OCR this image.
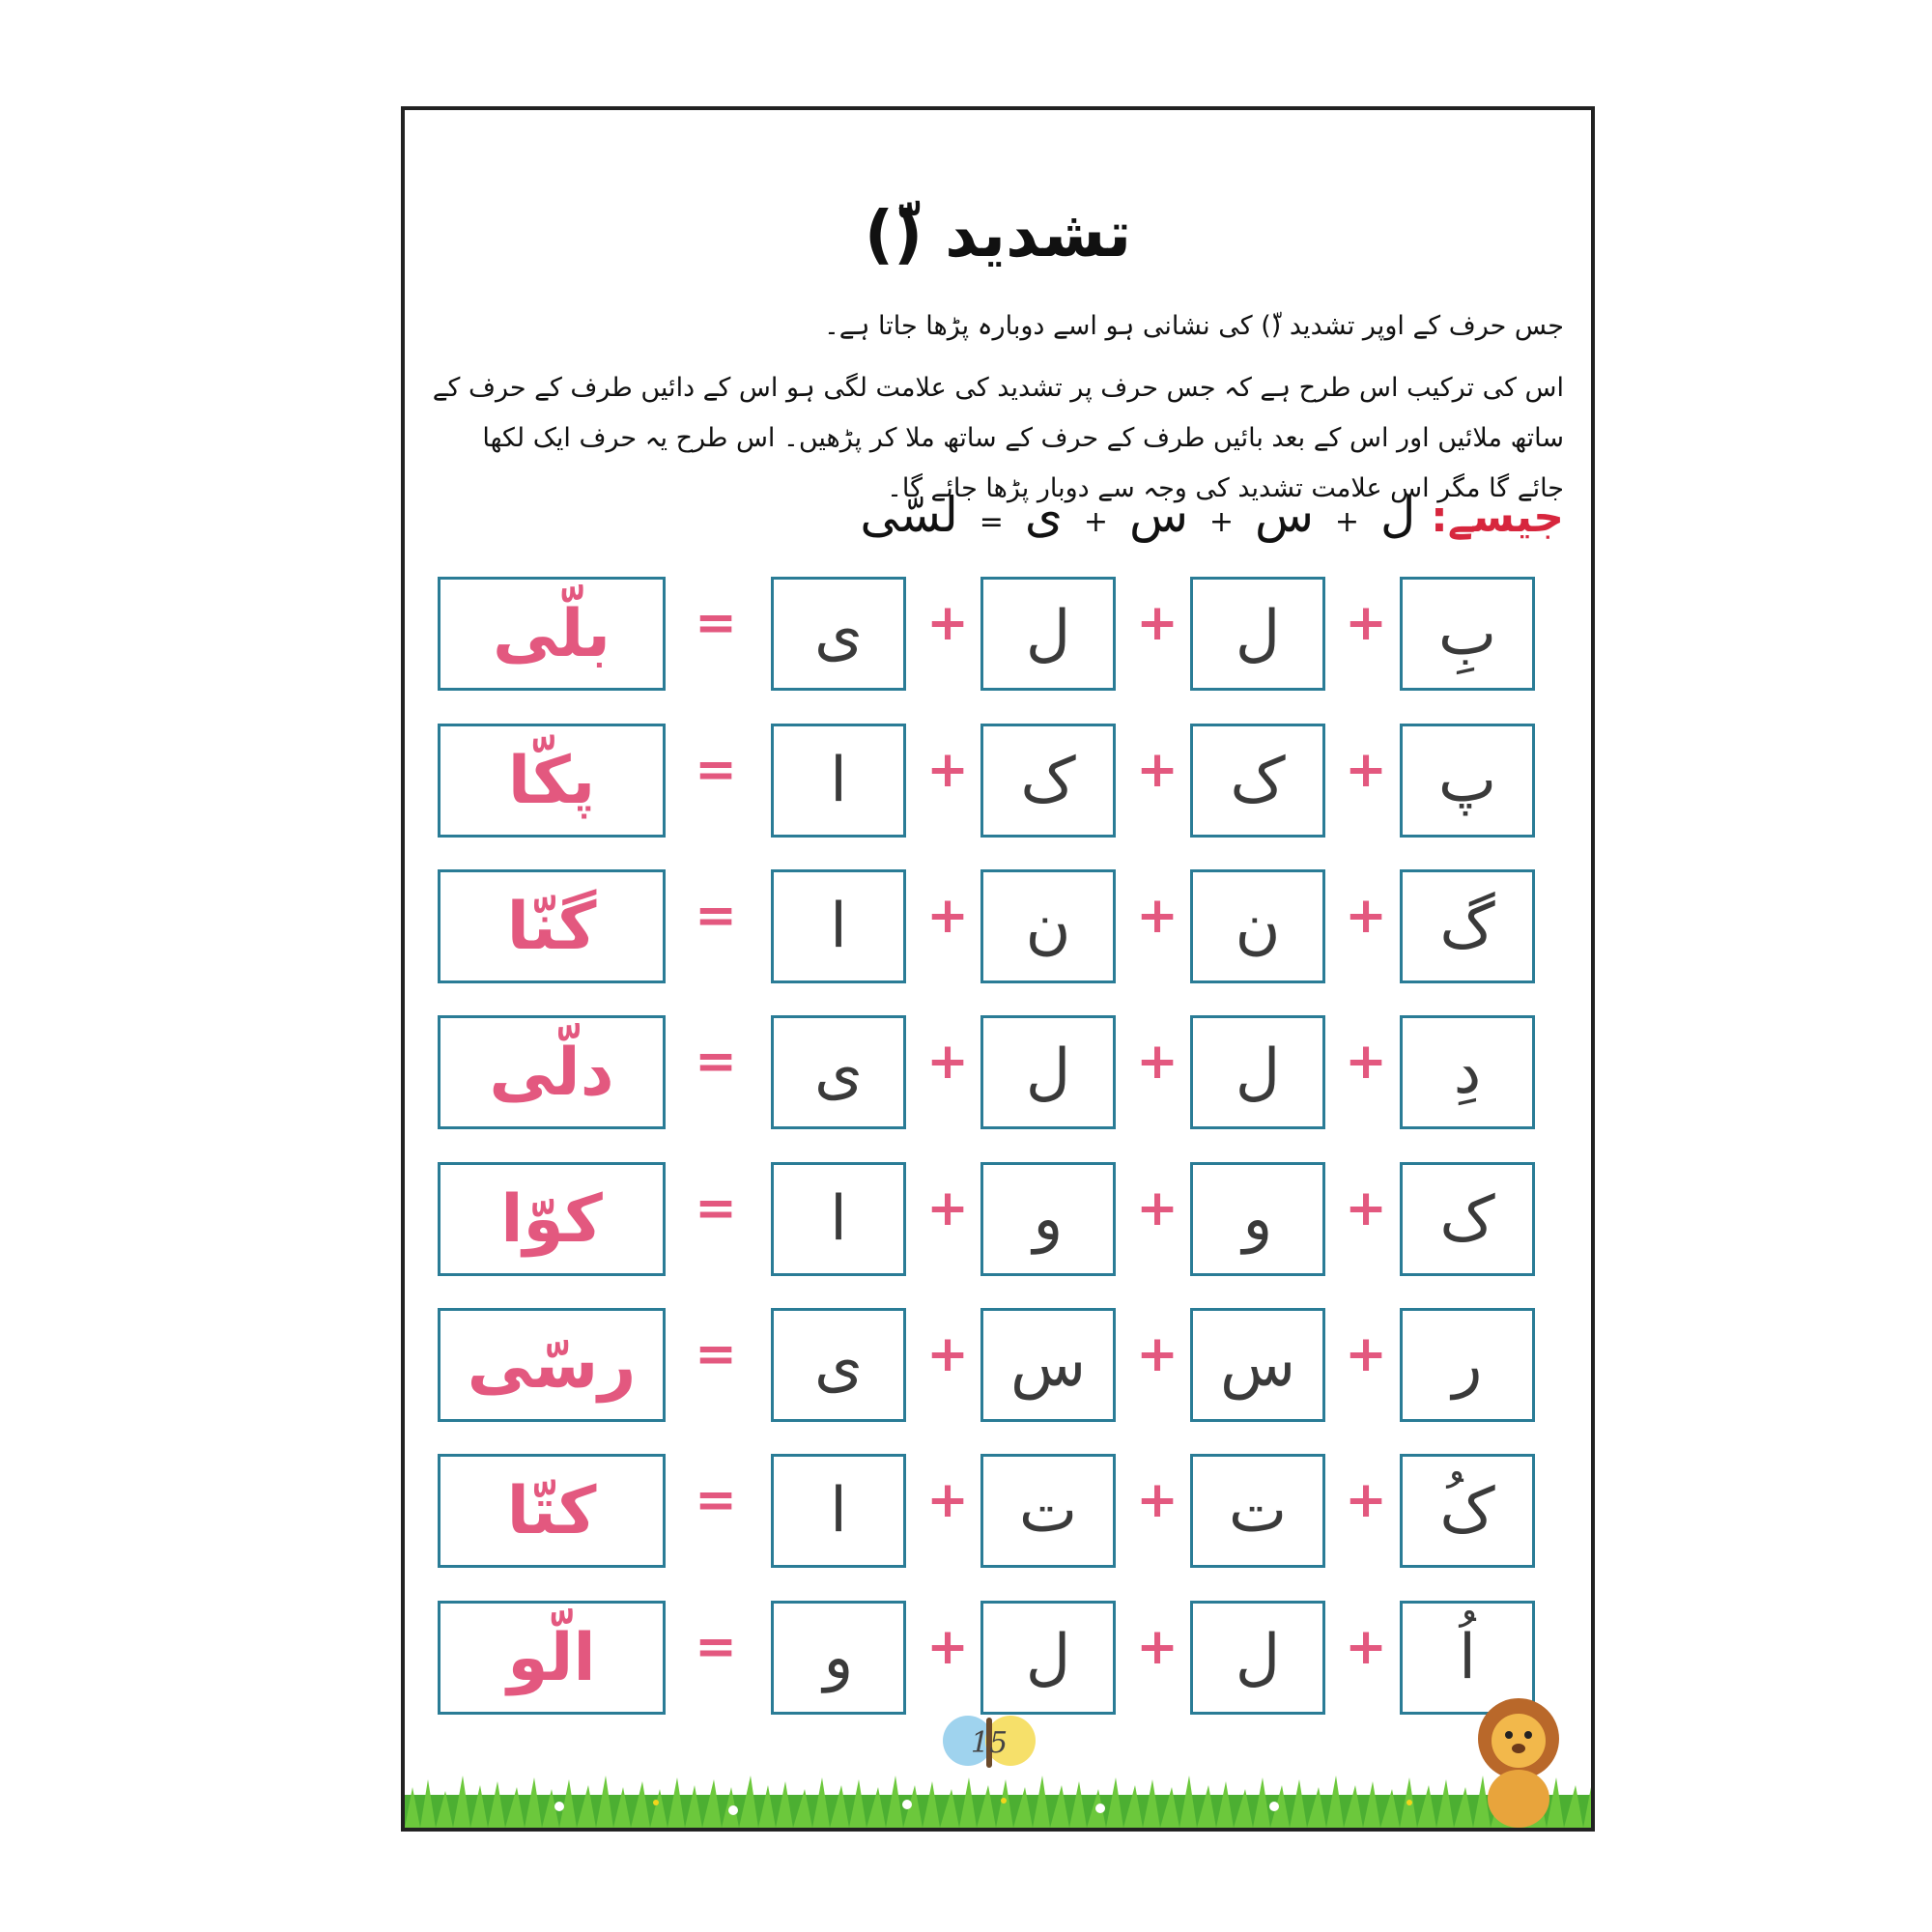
تشدید ()
جس حرف کے اوپر تشدید () کی نشانی ہو اسے دوبارہ پڑھا جاتا ہے۔
اس کی ترکیب اس طرح ہے کہ جس حرف پر تشدید کی علامت لگی ہو اس کے دائیں طرف کے حرف کے ساتھ ملائیں اور اس کے بعد بائیں طرف کے حرف کے ساتھ ملا کر پڑھیں۔ اس طرح یہ حرف ایک لکھا جائے گا مگر اس علامت تشدید کی وجہ سے دوبار پڑھا جائے گا۔
جیسے: ل + س + س + ی = لسّی
بِ
+
ل
+
ل
+
ی
=
بلّی
پ
+
ک
+
ک
+
ا
=
پکّا
گ
+
ن
+
ن
+
ا
=
گنّا
دِ
+
ل
+
ل
+
ی
=
دلّی
ک
+
و
+
و
+
ا
=
کوّا
ر
+
س
+
س
+
ی
=
رسّی
کُ
+
ت
+
ت
+
ا
=
کتّا
اُ
+
ل
+
ل
+
و
=
الّو
15
